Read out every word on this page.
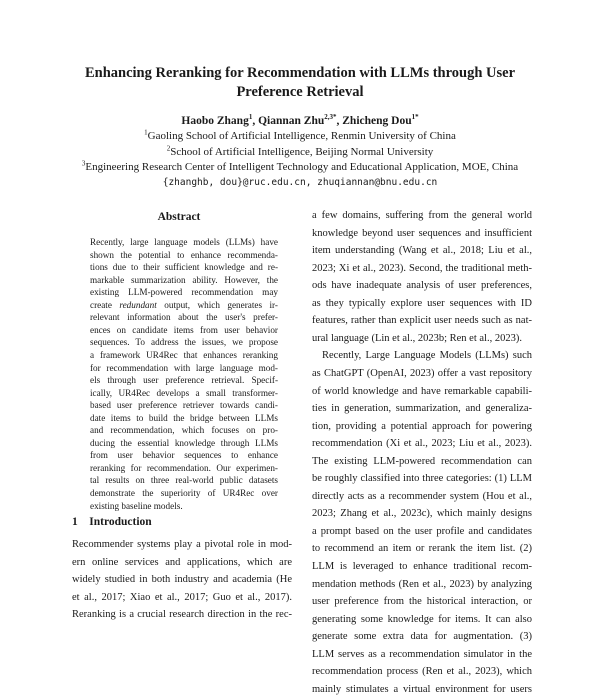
Enhancing Reranking for Recommendation with LLMs through User Preference Retrieval
Haobo Zhang$^1$, Qiannan Zhu$^{2,3*}$, Zhicheng Dou$^{1*}$
$^1$Gaoling School of Artificial Intelligence, Renmin University of China
$^2$School of Artificial Intelligence, Beijing Normal University
$^3$Engineering Research Center of Intelligent Technology and Educational Application, MOE, China
{zhanghb, dou}@ruc.edu.cn, zhuqiannan@bnu.edu.cn
Abstract
Recently, large language models (LLMs) have
shown the potential to enhance recommenda-
tions due to their sufficient knowledge and re-
markable summarization ability. However, the
existing LLM-powered recommendation may
create redundant output, which generates ir-
relevant information about the user's prefer-
ences on candidate items from user behavior
sequences. To address the issues, we propose
a framework UR4Rec that enhances reranking
for recommendation with large language mod-
els through user preference retrieval. Specif-
ically, UR4Rec develops a small transformer-
based user preference retriever towards candi-
date items to build the bridge between LLMs
and recommendation, which focuses on pro-
ducing the essential knowledge through LLMs
from user behavior sequences to enhance
reranking for recommendation. Our experimen-
tal results on three real-world public datasets
demonstrate the superiority of UR4Rec over
existing baseline models.
1 Introduction
Recommender systems play a pivotal role in mod-
ern online services and applications, which are
widely studied in both industry and academia (He
et al., 2017; Xiao et al., 2017; Guo et al., 2017).
Reranking is a crucial research direction in the rec-
a few domains, suffering from the general world
knowledge beyond user sequences and insufficient
item understanding (Wang et al., 2018; Liu et al.,
2023; Xi et al., 2023). Second, the traditional meth-
ods have inadequate analysis of user preferences,
as they typically explore user sequences with ID
features, rather than explicit user needs such as nat-
ural language (Lin et al., 2023b; Ren et al., 2023).
Recently, Large Language Models (LLMs) such
as ChatGPT (OpenAI, 2023) offer a vast repository
of world knowledge and have remarkable capabili-
ties in generation, summarization, and generaliza-
tion, providing a potential approach for powering
recommendation (Xi et al., 2023; Liu et al., 2023).
The existing LLM-powered recommendation can
be roughly classified into three categories: (1) LLM
directly acts as a recommender system (Hou et al.,
2023; Zhang et al., 2023c), which mainly designs
a prompt based on the user profile and candidates
to recommend an item or rerank the item list. (2)
LLM is leveraged to enhance traditional recom-
mendation methods (Ren et al., 2023) by analyzing
user preference from the historical interaction, or
generating some knowledge for items. It can also
generate some extra data for augmentation. (3)
LLM serves as a recommendation simulator in the
recommendation process (Ren et al., 2023), which
mainly stimulates a virtual environment for users
